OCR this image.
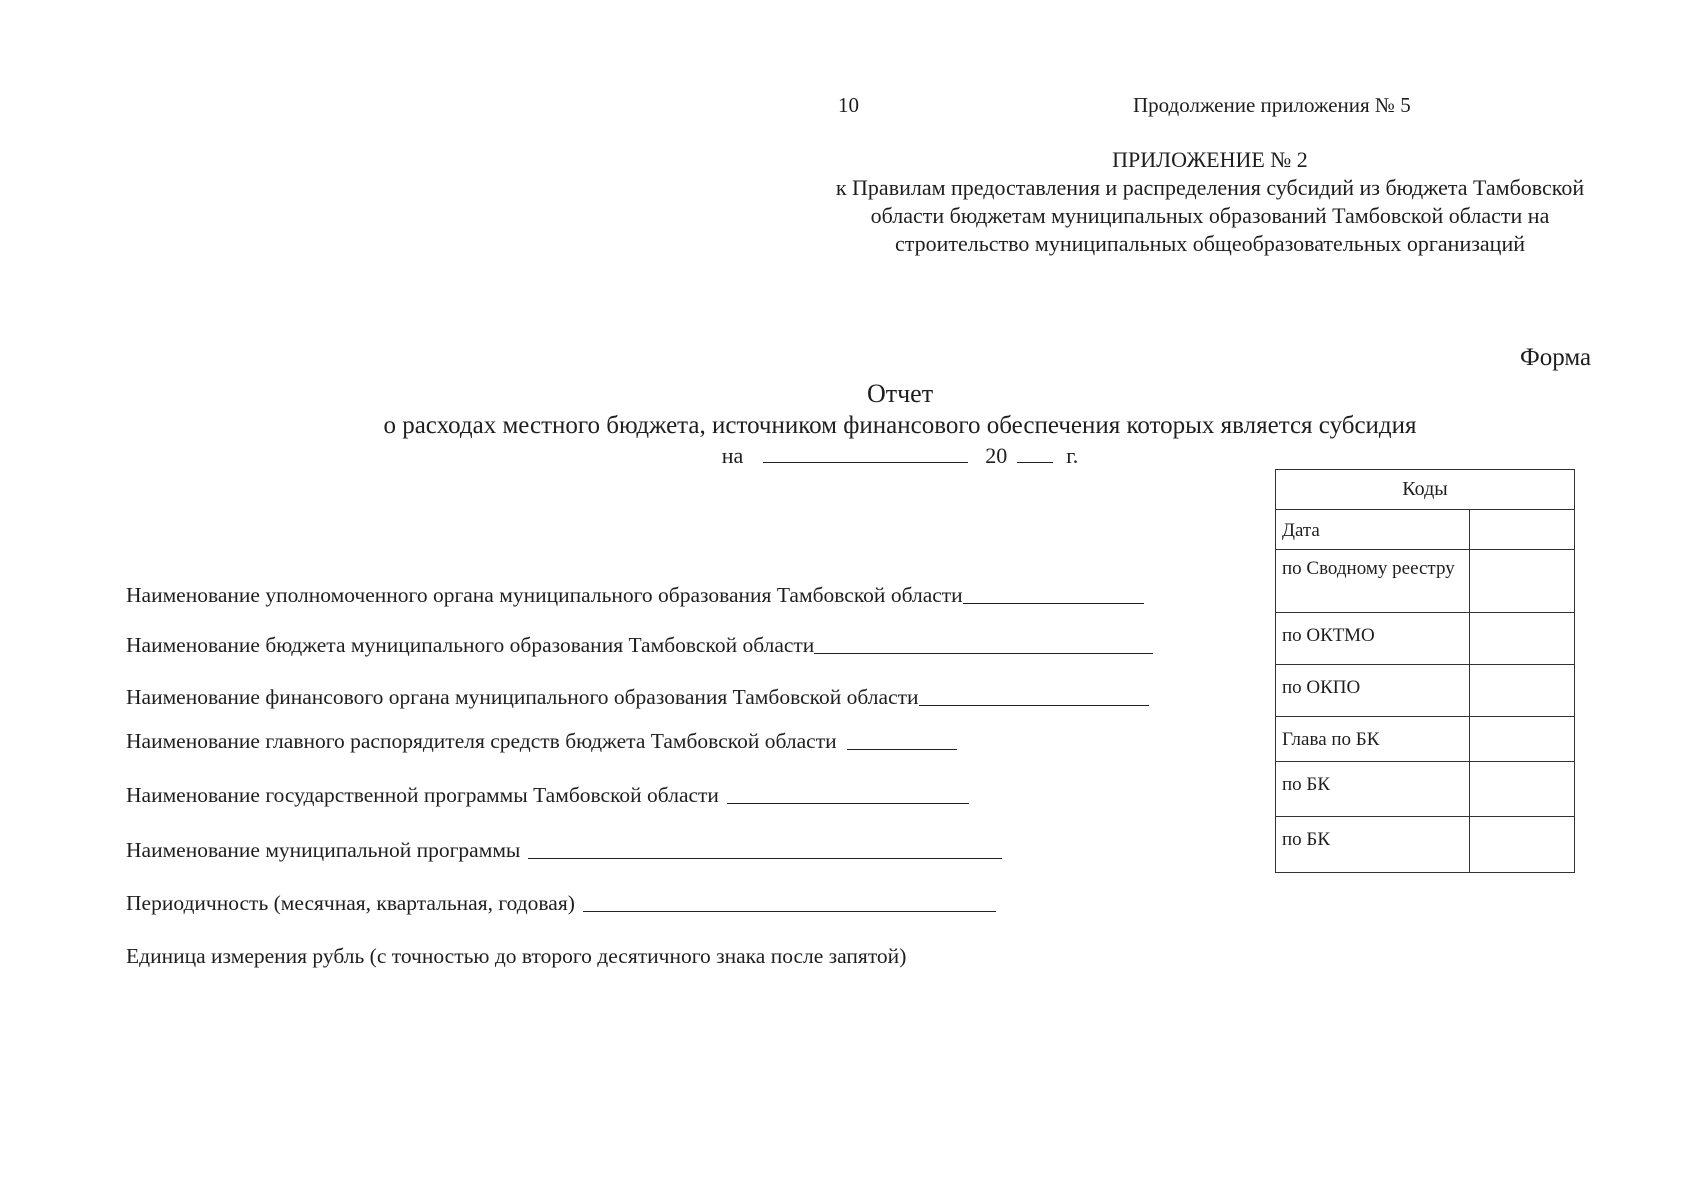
10	Продолжение приложения № 5
ПРИЛОЖЕНИЕ № 2
к Правилам предоставления и распределения субсидий из бюджета Тамбовской
области бюджетам муниципальных образований Тамбовской области на
строительство муниципальных общеобразовательных организаций
Форма
Отчет
о расходах местного бюджета, источником финансового обеспечения которых является субсидия
на	20	г.
Наименование уполномоченного органа муниципального образования Тамбовской области
Наименование бюджета муниципального образования Тамбовской области
Наименование финансового органа муниципального образования Тамбовской области
Наименование главного распорядителя средств бюджета Тамбовской области
Наименование государственной программы Тамбовской области
Наименование муниципальной программы
Периодичность (месячная, квартальная, годовая)
Единица измерения рубль (с точностью до второго десятичного знака после запятой)
Коды	
Дата	
по Сводному реестру	
по ОКТМО	
по ОКПО	
Глава по БК	
по БК	
по БК	
